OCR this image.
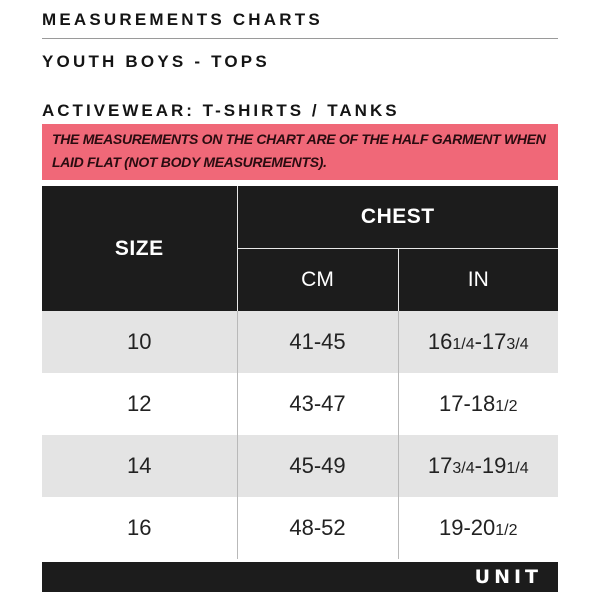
MEASUREMENTS CHARTS
YOUTH BOYS - TOPS
ACTIVEWEAR: T-SHIRTS / TANKS
THE MEASUREMENTS ON THE CHART ARE OF THE HALF GARMENT WHEN LAID FLAT (NOT BODY MEASUREMENTS).
SIZE	CHEST	
	CM	IN
10	41-45	161/4-173/4
12	43-47	17-181/2
14	45-49	173/4-191/4
16	48-52	19-201/2
UNIT
